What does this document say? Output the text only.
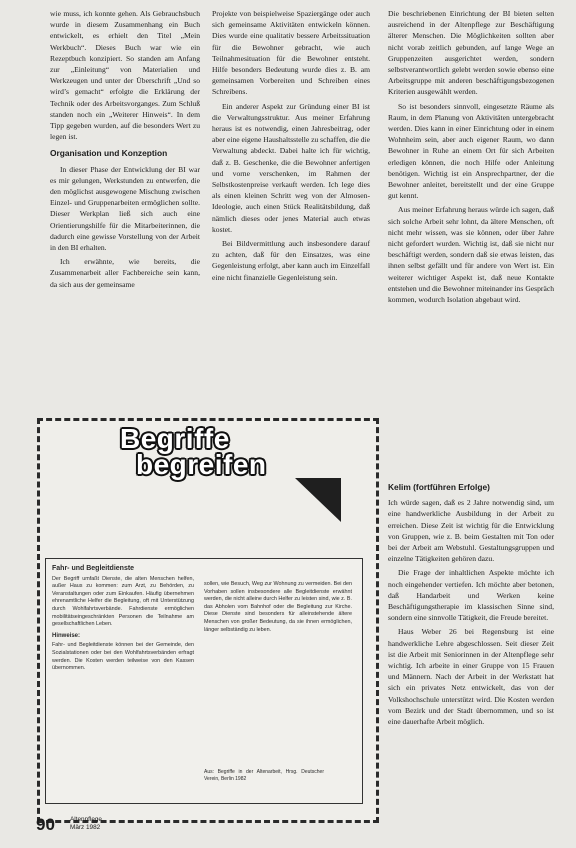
wie muss, ich konnte gehen. Als Gebrauchsbuch wurde in diesem Zusammenhang ein Buch entwickelt, es erhielt den Titel „Mein Werkbuch“. Dieses Buch war wie ein Rezeptbuch konzipiert. So standen am Anfang zur „Einleitung“ von Materialien und Werkzeugen und unter der Überschrift „Und so wird’s gemacht“ erfolgte die Erklärung der Technik oder des Arbeitsvorganges. Zum Schluß standen noch ein „Weiterer Hinweis“. In dem Tipp gegeben wurden, auf die besonders Wert zu legen ist.

Organisation und Konzeption

In dieser Phase der Entwicklung der BI war es mir gelungen, Werkstunden zu entwerfen, die den möglichst ausgewogene Mischung zwischen Einzel- und Gruppenarbeiten ermöglichen sollte. Dieser Werkplan ließ sich auch eine Orientierungshilfe für die Mitarbeiterinnen, die dadurch eine gewisse Vorstellung von der Arbeit in den BI erhalten.

Ich erwähnte, wie bereits, die Zusammenarbeit aller Fachbereiche sein kann, da sich aus der gemeinsame

Projekte von beispielweise Spaziergänge oder auch sich gemeinsame Aktivitäten entwickeln können. Dies wurde eine qualitativ bessere Arbeitssituation für die Bewohner gebracht, wie auch Teilnahmesituation für die Bewohner entsteht. Hilfe besonders Bedeutung wurde dies z. B. am gemeinsamen Vorbereiten und Schreiben eines Schreibens.

Ein anderer Aspekt zur Gründung einer BI ist die Verwaltungsstruktur. Aus meiner Erfahrung heraus ist es notwendig, einen Jahresbeitrag, oder aber eine eigene Haushaltsstelle zu schaffen, die die Verwaltung abdeckt. Dabei halte ich für wichtig, daß z. B. Geschenke, die die Bewohner anfertigen und vorne verschenken, im Rahmen der Selbstkostenpreise verkauft werden. Ich lege dies als einen kleinen Schritt weg von der Almosen-Ideologie, auch einen Stück Realitätsbildung, daß nämlich dieses oder jenes Material auch etwas kostet.

Bei Bildvermittlung auch insbesondere darauf zu achten, daß für den Einsatzes, was eine Gegenleistung erfolgt, aber kann auch im Einzelfall eine nicht finanzielle Gegenleistung sein.

Die beschriebenen Einrichtung der BI bieten selten ausreichend in der Altenpflege zur Beschäftigung älterer Menschen. Die Möglichkeiten sollten aber nicht vorab zeitlich gebunden, auf lange Wege an Gruppenzeiten ausgerichtet werden, sondern selbstverantwortlich gelebt werden sowie ebenso eine Arbeitsgruppe mit anderen beschäftigungsbezogenen Kriterien ausgewählt werden.

So ist besonders sinnvoll, eingesetzte Räume als Raum, in dem Planung von Aktivitäten untergebracht werden. Dies kann in einer Einrichtung oder in einem Wohnheim sein, aber auch eigener Raum, wo dann Bewohner in Ruhe an einem Ort für sich Arbeiten erledigen können, die noch Hilfe oder Anleitung benötigen. Wichtig ist ein Ansprechpartner, der die Bewohner anleitet, bereitstellt und der eine Gruppe gut kennt.

Aus meiner Erfahrung heraus würde ich sagen, daß sich solche Arbeit sehr lohnt, da ältere Menschen, oft nicht mehr wissen, was sie können, oder über Jahre nicht gefordert wurden. Wichtig ist, daß sie nicht nur beschäftigt werden, sondern daß sie etwas leisten, das ihnen selbst gefällt und für andere von Wert ist. Ein weiterer wichtiger Aspekt ist, daß neue Kontakte entstehen und die Bewohner miteinander ins Gespräch kommen, wodurch Isolation abgebaut wird.

Kelim (fortführen Erfolge)

Ich würde sagen, daß es 2 Jahre notwendig sind, um eine handwerkliche Ausbildung in der Arbeit zu erreichen. Diese Zeit ist wichtig für die Entwicklung von Gruppen, wie z. B. beim Gestalten mit Ton oder bei der Arbeit am Webstuhl. Gestaltungsgruppen und einzelne Tätigkeiten gehören dazu.

Die Frage der inhaltlichen Aspekte möchte ich noch eingehender vertiefen. Ich möchte aber betonen, daß Handarbeit und Werken keine Beschäftigungstherapie im klassischen Sinne sind, sondern eine sinnvolle Tätigkeit, die Freude bereitet.

Haus Weber 26 bei Regensburg ist eine handwerkliche Lehre abgeschlossen. Seit dieser Zeit ist die Arbeit mit Seniorinnen in der Altenpflege sehr wichtig. Ich arbeite in einer Gruppe von 15 Frauen und Männern. Nach der Arbeit in der Werkstatt hat sich ein privates Netz entwickelt, das von der Volkshochschule unterstützt wird. Die Kosten werden vom Bezirk und der Stadt übernommen, und so ist eine dauerhafte Arbeit möglich.

Begriffe
begreifen
Fahr- und Begleitdienste

Der Begriff umfaßt Dienste, die alten Menschen helfen, außer Haus zu kommen: zum Arzt, zu Behörden, zu Veranstaltungen oder zum Einkaufen. Häufig übernehmen ehrenamtliche Helfer die Begleitung, oft mit Unterstützung durch Wohlfahrtsverbände. Fahrdienste ermöglichen mobilitätseingeschränkten Personen die Teilnahme am gesellschaftlichen Leben.

Hinweise:

Fahr- und Begleitdienste können bei der Gemeinde, den Sozialstationen oder bei den Wohlfahrtsverbänden erfragt werden. Die Kosten werden teilweise von den Kassen übernommen.

sollen, wie Besuch, Weg zur Wohnung zu vermeiden. Bei den Vorhaben sollen insbesondere alle Begleitdienste erwähnt werden, die nicht alleine durch Helfer zu leisten sind, wie z. B. das Abholen vom Bahnhof oder die Begleitung zur Kirche. Diese Dienste sind besonders für alleinstehende ältere Menschen von großer Bedeutung, da sie ihnen ermöglichen, länger selbständig zu leben.

Aus: Begriffe in der Altenarbeit, Hrsg. Deutscher Verein, Berlin 1982
90 Altenpflege
März 1982
